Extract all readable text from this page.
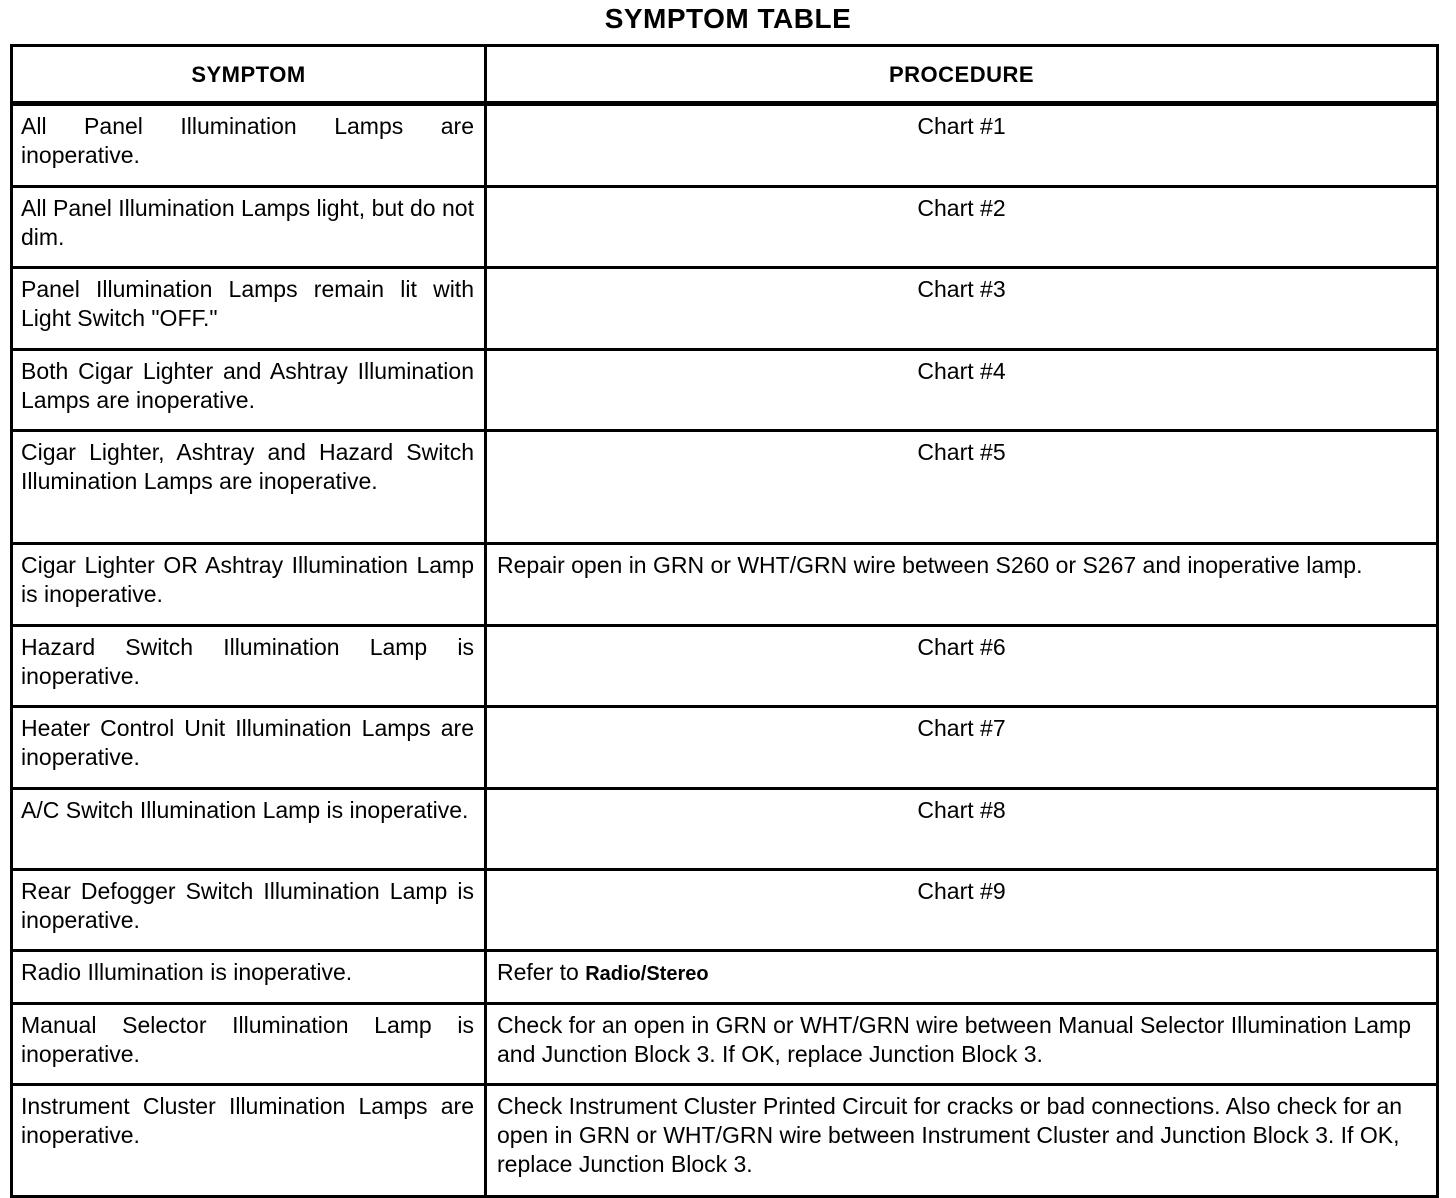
SYMPTOM TABLE
SYMPTOM	PROCEDURE
All Panel Illumination Lamps are inoperative.	Chart #1
All Panel Illumination Lamps light, but do not dim.	Chart #2
Panel Illumination Lamps remain lit with Light Switch "OFF."	Chart #3
Both Cigar Lighter and Ashtray Illumination Lamps are inoperative.	Chart #4
Cigar Lighter, Ashtray and Hazard Switch Illumination Lamps are inoperative.	Chart #5
Cigar Lighter OR Ashtray Illumination Lamp is inoperative.	Repair open in GRN or WHT/GRN wire between S260 or S267 and inoperative lamp.
Hazard Switch Illumination Lamp is inoperative.	Chart #6
Heater Control Unit Illumination Lamps are inoperative.	Chart #7
A/C Switch Illumination Lamp is inoperative.	Chart #8
Rear Defogger Switch Illumination Lamp is inoperative.	Chart #9
Radio Illumination is inoperative.	Refer to Radio/Stereo
Manual Selector Illumination Lamp is inoperative.	Check for an open in GRN or WHT/GRN wire between Manual Selector Illumination Lamp and Junction Block 3. If OK, replace Junction Block 3.
Instrument Cluster Illumination Lamps are inoperative.	Check Instrument Cluster Printed Circuit for cracks or bad connections. Also check for an open in GRN or WHT/GRN wire between Instrument Cluster and Junction Block 3. If OK, replace Junction Block 3.
